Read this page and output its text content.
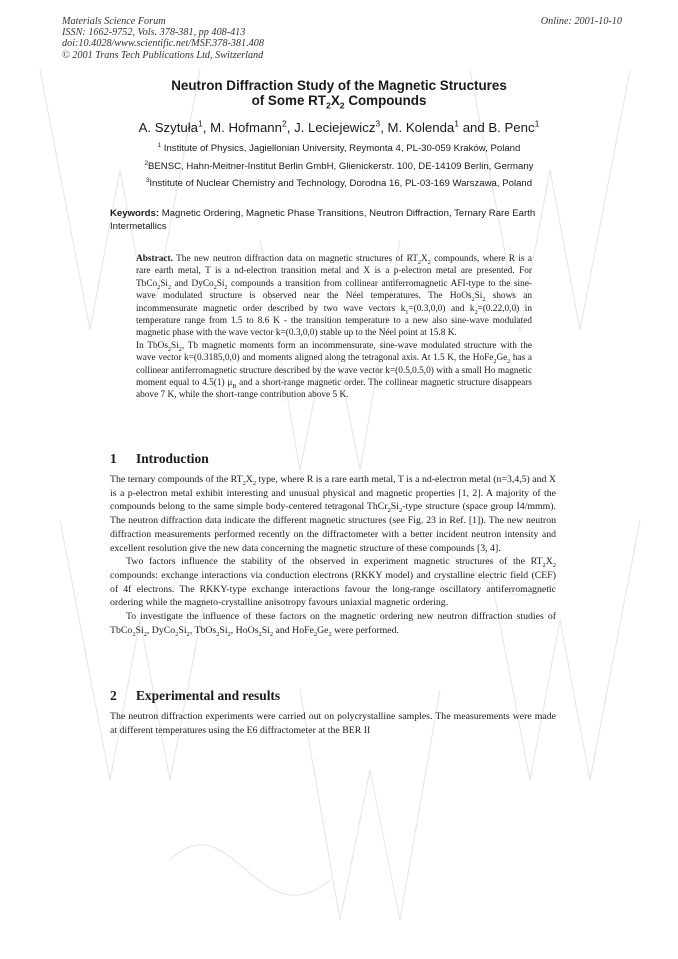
Materials Science Forum
ISSN: 1662-9752, Vols. 378-381, pp 408-413
doi:10.4028/www.scientific.net/MSF.378-381.408
© 2001 Trans Tech Publications Ltd, Switzerland
Online: 2001-10-10
Neutron Diffraction Study of the Magnetic Structures
of Some $RT_2X_2$ Compounds
A. Szytuła$^1$, M. Hofmann$^2$, J. Leciejewicz$^3$, M. Kolenda$^1$ and B. Penc$^1$
$^1$ Institute of Physics, Jagiellonian University, Reymonta 4, PL-30-059 Kraków, Poland
$^2$BENSC, Hahn-Meitner-Institut Berlin GmbH, Glienickerstr. 100, DE-14109 Berlin, Germany
$^3$Institute of Nuclear Chemistry and Technology, Dorodna 16, PL-03-169 Warszawa, Poland
Keywords: Magnetic Ordering, Magnetic Phase Transitions, Neutron Diffraction, Ternary Rare Earth Intermetallics

Abstract. The new neutron diffraction data on magnetic structures of $RT_2X_2$ compounds, where R is a rare earth metal, T is a nd-electron transition metal and X is a p-electron metal are presented. For $TbCo_2Si_2$ and $DyCo_2Si_2$ compounds a transition from collinear antiferromagnetic AFI-type to the sine-wave modulated structure is observed near the Néel temperatures. The $HoOs_2Si_2$ shows an incommensurate magnetic order described by two wave vectors $k_1=(0.3,0,0)$ and $k_2=(0.22,0,0)$ in temperature range from 1.5 to 8.6 K - the transition temperature to a new also sine-wave modulated magnetic phase with the wave vector k=(0.3,0,0) stable up to the Néel point at 15.8 K.

In $TbOs_2Si_2$, Tb magnetic moments form an incommensurate, sine-wave modulated structure with the wave vector k=(0.3185,0,0) and moments aligned along the tetragonal axis. At 1.5 K, the $HoFe_2Ge_2$ has a collinear antiferromagnetic structure described by the wave vector k=(0.5,0.5,0) with a small Ho magnetic moment equal to 4.5(1) $\mu_B$ and a short-range magnetic order. The collinear magnetic structure disappears above 7 K, while the short-range contribution above 5 K.

1 Introduction

The ternary compounds of the $RT_2X_2$ type, where R is a rare earth metal, T is a nd-electron metal (n=3,4,5) and X is a p-electron metal exhibit interesting and unusual physical and magnetic properties [1, 2]. A majority of the compounds belong to the same simple body-centered tetragonal $ThCr_2Si_2$-type structure (space group I4/mmm). The neutron diffraction data indicate the different magnetic structures (see Fig. 23 in Ref. [1]). The new neutron diffraction measurements performed recently on the diffractometer with a better incident neutron intensity and excellent resolution give the new data concerning the magnetic structure of these compounds [3, 4].

Two factors influence the stability of the observed in experiment magnetic structures of the $RT_2X_2$ compounds: exchange interactions via conduction electrons (RKKY model) and crystalline electric field (CEF) of 4f electrons. The RKKY-type exchange interactions favour the long-range oscillatory antiferromagnetic ordering while the magneto-crystalline anisotropy favours uniaxial magnetic ordering.

To investigate the influence of these factors on the magnetic ordering new neutron diffraction studies of $TbCo_2Si_2$, $DyCo_2Si_2$, $TbOs_2Si_2$, $HoOs_2Si_2$ and $HoFe_2Ge_2$ were performed.

2 Experimental and results

The neutron diffraction experiments were carried out on polycrystalline samples. The measurements were made at different temperatures using the E6 diffractometer at the BER II
